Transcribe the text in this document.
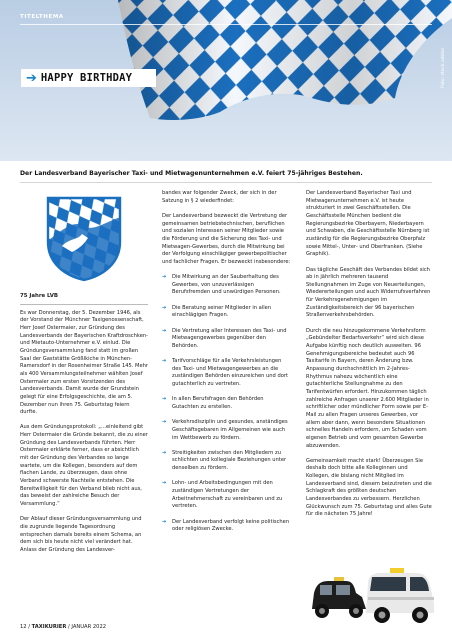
TITELTHEMA
Foto: stock.adobe
➔ HAPPY BIRTHDAY
Der Landesverband Bayerischer Taxi- und Mietwagenunternehmen e.V. feiert 75-jähriges Bestehen.
75 Jahre LVB

Es war Donnerstag, der 5. Dezember 1946, als der Vorstand der Münchner Taxigenossenschaft, Herr Josef Ostermaier, zur Gründung des Landesverbands der Bayerischen Kraftdroschken- und Mietauto-Unternehmer e.V. einlud. Die Gründungsversammlung fand statt im großen Saal der Gaststätte Größlkiche in München-Ramersdorf in der Rosenheimer Straße 145. Mehr als 400 Versammlungsteilnehmer wählten Josef Ostermaier zum ersten Vorsitzenden des Landesverbands. Damit wurde der Grundstein gelegt für eine Erfolgsgeschichte, die am 5. Dezember nun ihren 75. Geburtstag feiern durfte.

Aus dem Gründungsprotokoll: „…einleitend gibt Herr Ostermaier die Gründe bekannt, die zu einer Gründung des Landesverbands führten. Herr Ostermaier erklärte ferner, dass er absichtlich mit der Gründung des Verbandes so lange wartete, um die Kollegen, besonders auf dem flachen Lande, zu überzeugen, dass ohne Verband schwerste Nachteile entstehen. Die Bereitwilligkeit für den Verband blieb nicht aus, das beweist der zahlreiche Besuch der Versammlung.“

Der Ablauf dieser Gründungsversammlung und die zugrunde liegende Tagesordnung entsprechen damals bereits einem Schema, an dem sich bis heute nicht viel verändert hat. Anlass der Gründung des Landesver-

bandes war folgender Zweck, der sich in der Satzung in § 2 wiederfindet:

Der Landesverband bezweckt die Vertretung der gemeinsamen betriebstechnischen, beruflichen und sozialen Interessen seiner Mitglieder sowie die Förderung und die Sicherung des Taxi- und Mietwagen-Gewerbes, durch die Mitwirkung bei der Verfolgung einschlägiger gewerbepolitischer und fachlicher Fragen. Er bezweckt insbesondere:

➔ Die Mitwirkung an der Sauberhaltung des Gewerbes, von unzuverlässigen Berufsfremden und unwürdigen Personen.
➔ Die Beratung seiner Mitglieder in allen einschlägigen Fragen.
➔ Die Vertretung aller Interessen des Taxi- und Mietwagengewerbes gegenüber den Behörden.
➔ Tarifvorschläge für alle Verkehrsleistungen des Taxi- und Mietwagengewerbes an die zuständigen Behörden einzureichen und dort gutachterlich zu vertreten.
➔ In allen Berufsfragen den Behörden Gutachten zu erstellen.
➔ Verkehrsdisziplin und gesundes, anständiges Geschäftsgebaren im Allgemeinen wie auch im Wettbewerb zu fördern.
➔ Streitigkeiten zwischen den Mitgliedern zu schlichten und kollegiale Beziehungen unter denselben zu fördern.
➔ Lohn- und Arbeitsbedingungen mit den zuständigen Vertretungen der Arbeitnehmerschaft zu vereinbaren und zu vertreten.
➔ Der Landesverband verfolgt keine politischen oder religiösen Zwecke.

Der Landesverband Bayerischer Taxi und Mietwagenunternehmen e.V. ist heute strukturiert in zwei Geschäftsstellen. Die Geschäftsstelle München bedient die Regierungsbezirke Oberbayern, Niederbayern und Schwaben, die Geschäftsstelle Nürnberg ist zuständig für die Regierungsbezirke Oberpfalz sowie Mittel-, Unter- und Oberfranken. (Siehe Graphik).

Das tägliche Geschäft des Verbandes bildet sich ab in jährlich mehreren tausend Stellungnahmen im Zuge von Neuerteilungen, Wiedererteilungen und auch Widerrufsverfahren für Verkehrsgenehmigungen im Zuständigkeitsbereich der 96 bayerischen Straßenverkehrsbehörden.

Durch die neu hinzugekommene Verkehrsform „Gebündelter Bedarfsverkehr“ wird sich diese Aufgabe künftig noch deutlich ausweiten. 96 Genehmigungsbereiche bedeutet auch 96 Taxitarife in Bayern, deren Änderung bzw. Anpassung durchschnittlich im 2-Jahres-Rhythmus nahezu wöchentlich eine gutachterliche Stellungnahme zu den Tarifentwürfen erfordert. Hinzukommen täglich zahlreiche Anfragen unserer 2.600 Mitglieder in schriftlicher oder mündlicher Form sowie per E-Mail zu allen Fragen unseres Gewerbes, vor allem aber dann, wenn besondere Situationen schnelles Handeln erfordern, um Schaden vom eigenen Betrieb und vom gesamten Gewerbe abzuwenden.

Gemeinsamkeit macht stark! Überzeugen Sie deshalb doch bitte alle Kolleginnen und Kollegen, die bislang nicht Mitglied im Landesverband sind, diesem beizutreten und die Schlagkraft des größten deutschen Landesverbandes zu verbessern. Herzlichen Glückwunsch zum 75. Geburtstag und alles Gute für die nächsten 75 Jahre!

12 / TAXIKURIER / JANUAR 2022
